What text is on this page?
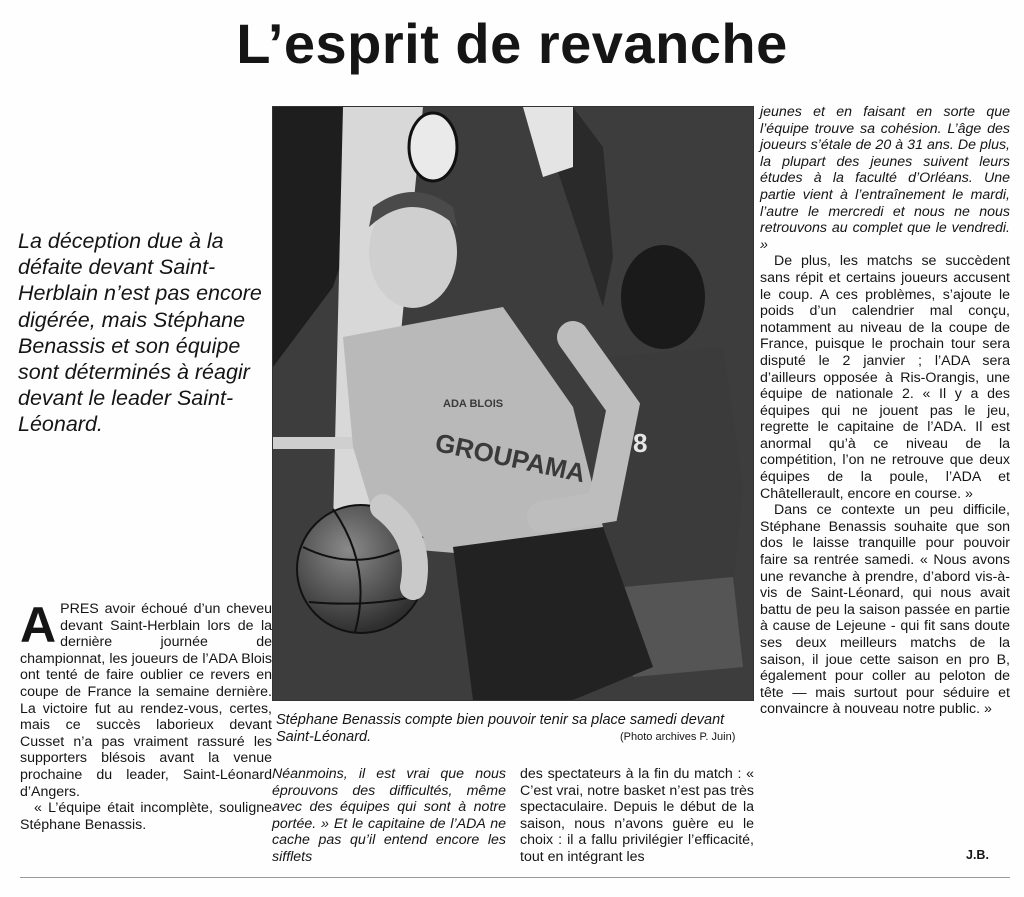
L’esprit de revanche

La déception due à la défaite devant Saint-Herblain n’est pas encore digérée, mais Stéphane Benassis et son équipe sont déterminés à réagir devant le leader Saint-Léonard.

8
GROUPAMA
ADA BLOIS

Stéphane Benassis compte bien pouvoir tenir sa place samedi devant Saint-Léonard.	(Photo archives P. Juin)

A PRES avoir échoué d’un cheveu devant Saint-Herblain lors de la dernière journée de championnat, les joueurs de l’ADA Blois ont tenté de faire oublier ce revers en coupe de France la semaine dernière. La victoire fut au rendez-vous, certes, mais ce succès laborieux devant Cusset n’a pas vraiment rassuré les supporters blésois avant la venue prochaine du leader, Saint-Léonard d’Angers.

« L’équipe était incomplète, souligne Stéphane Benassis.

Néanmoins, il est vrai que nous éprouvons des difficultés, même avec des équipes qui sont à notre portée. » Et le capitaine de l’ADA ne cache pas qu’il entend encore les sifflets

des spectateurs à la fin du match : « C’est vrai, notre basket n’est pas très spectaculaire. Depuis le début de la saison, nous n’avons guère eu le choix : il a fallu privilégier l’efficacité, tout en intégrant les

jeunes et en faisant en sorte que l’équipe trouve sa cohésion. L’âge des joueurs s’étale de 20 à 31 ans. De plus, la plupart des jeunes suivent leurs études à la faculté d’Orléans. Une partie vient à l’entraînement le mardi, l’autre le mercredi et nous ne nous retrouvons au complet que le vendredi. »

De plus, les matchs se succèdent sans répit et certains joueurs accusent le coup. A ces problèmes, s’ajoute le poids d’un calendrier mal conçu, notamment au niveau de la coupe de France, puisque le prochain tour sera disputé le 2 janvier ; l’ADA sera d’ailleurs opposée à Ris-Orangis, une équipe de nationale 2. « Il y a des équipes qui ne jouent pas le jeu, regrette le capitaine de l’ADA. Il est anormal qu’à ce niveau de la compétition, l’on ne retrouve que deux équipes de la poule, l’ADA et Châtellerault, encore en course. »

Dans ce contexte un peu difficile, Stéphane Benassis souhaite que son dos le laisse tranquille pour pouvoir faire sa rentrée samedi. « Nous avons une revanche à prendre, d’abord vis-à-vis de Saint-Léonard, qui nous avait battu de peu la saison passée en partie à cause de Lejeune - qui fit sans doute ses deux meilleurs matchs de la saison, il joue cette saison en pro B, également pour coller au peloton de tête — mais surtout pour séduire et convaincre à nouveau notre public. »

J.B.
